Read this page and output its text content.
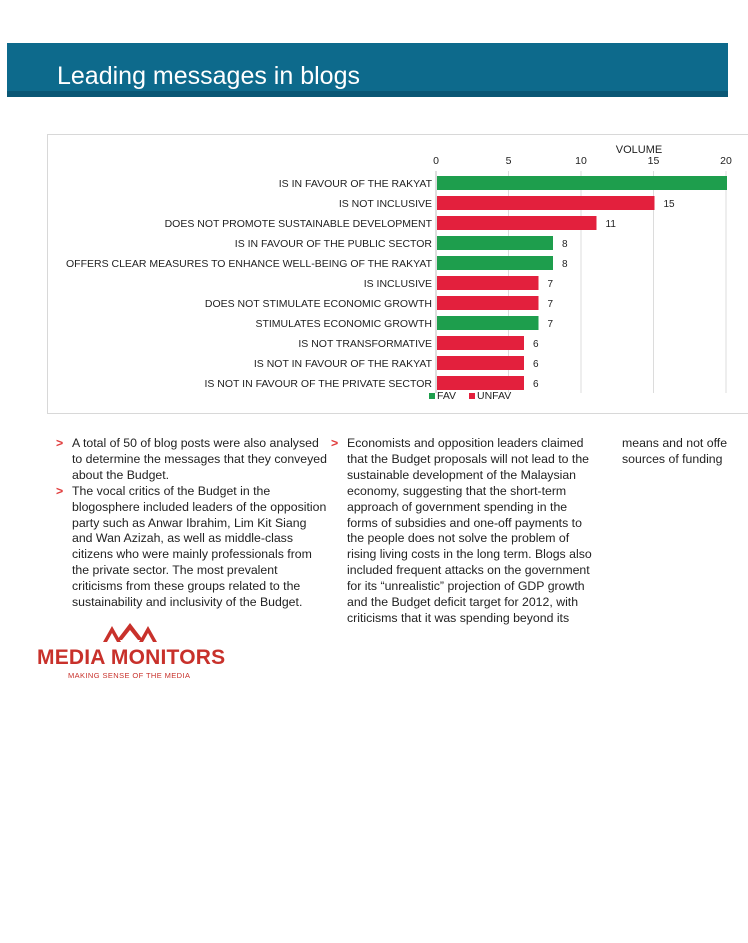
Leading messages in blogs
VOLUME
0	5	10	15	20
IS IN FAVOUR OF THE RAKYAT
IS NOT INCLUSIVE	15
DOES NOT PROMOTE SUSTAINABLE DEVELOPMENT	11
IS IN FAVOUR OF THE PUBLIC SECTOR	8
OFFERS CLEAR MEASURES TO ENHANCE WELL-BEING OF THE RAKYAT	8
IS INCLUSIVE	7
DOES NOT STIMULATE ECONOMIC GROWTH	7
STIMULATES ECONOMIC GROWTH	7
IS NOT TRANSFORMATIVE	6
IS NOT IN FAVOUR OF THE RAKYAT	6
IS NOT IN FAVOUR OF THE PRIVATE SECTOR	6
FAV UNFAV
> A total of 50 of blog posts were also analysed to determine the messages that they conveyed about the Budget.
> The vocal critics of the Budget in the blogosphere included leaders of the opposition party such as Anwar Ibrahim, Lim Kit Siang and Wan Azizah, as well as middle-class citizens who were mainly professionals from the private sector. The most prevalent criticisms from these groups related to the sustainability and inclusivity of the Budget.
> Economists and opposition leaders claimed that the Budget proposals will not lead to the sustainable development of the Malaysian economy, suggesting that the short-term approach of government spending in the forms of subsidies and one-off payments to the people does not solve the problem of rising living costs in the long term. Blogs also included frequent attacks on the government for its “unrealistic” projection of GDP growth and the Budget deficit target for 2012, with criticisms that it was spending beyond its
means and not offe
sources of funding
MEDIA MONITORS
MAKING SENSE OF THE MEDIA
